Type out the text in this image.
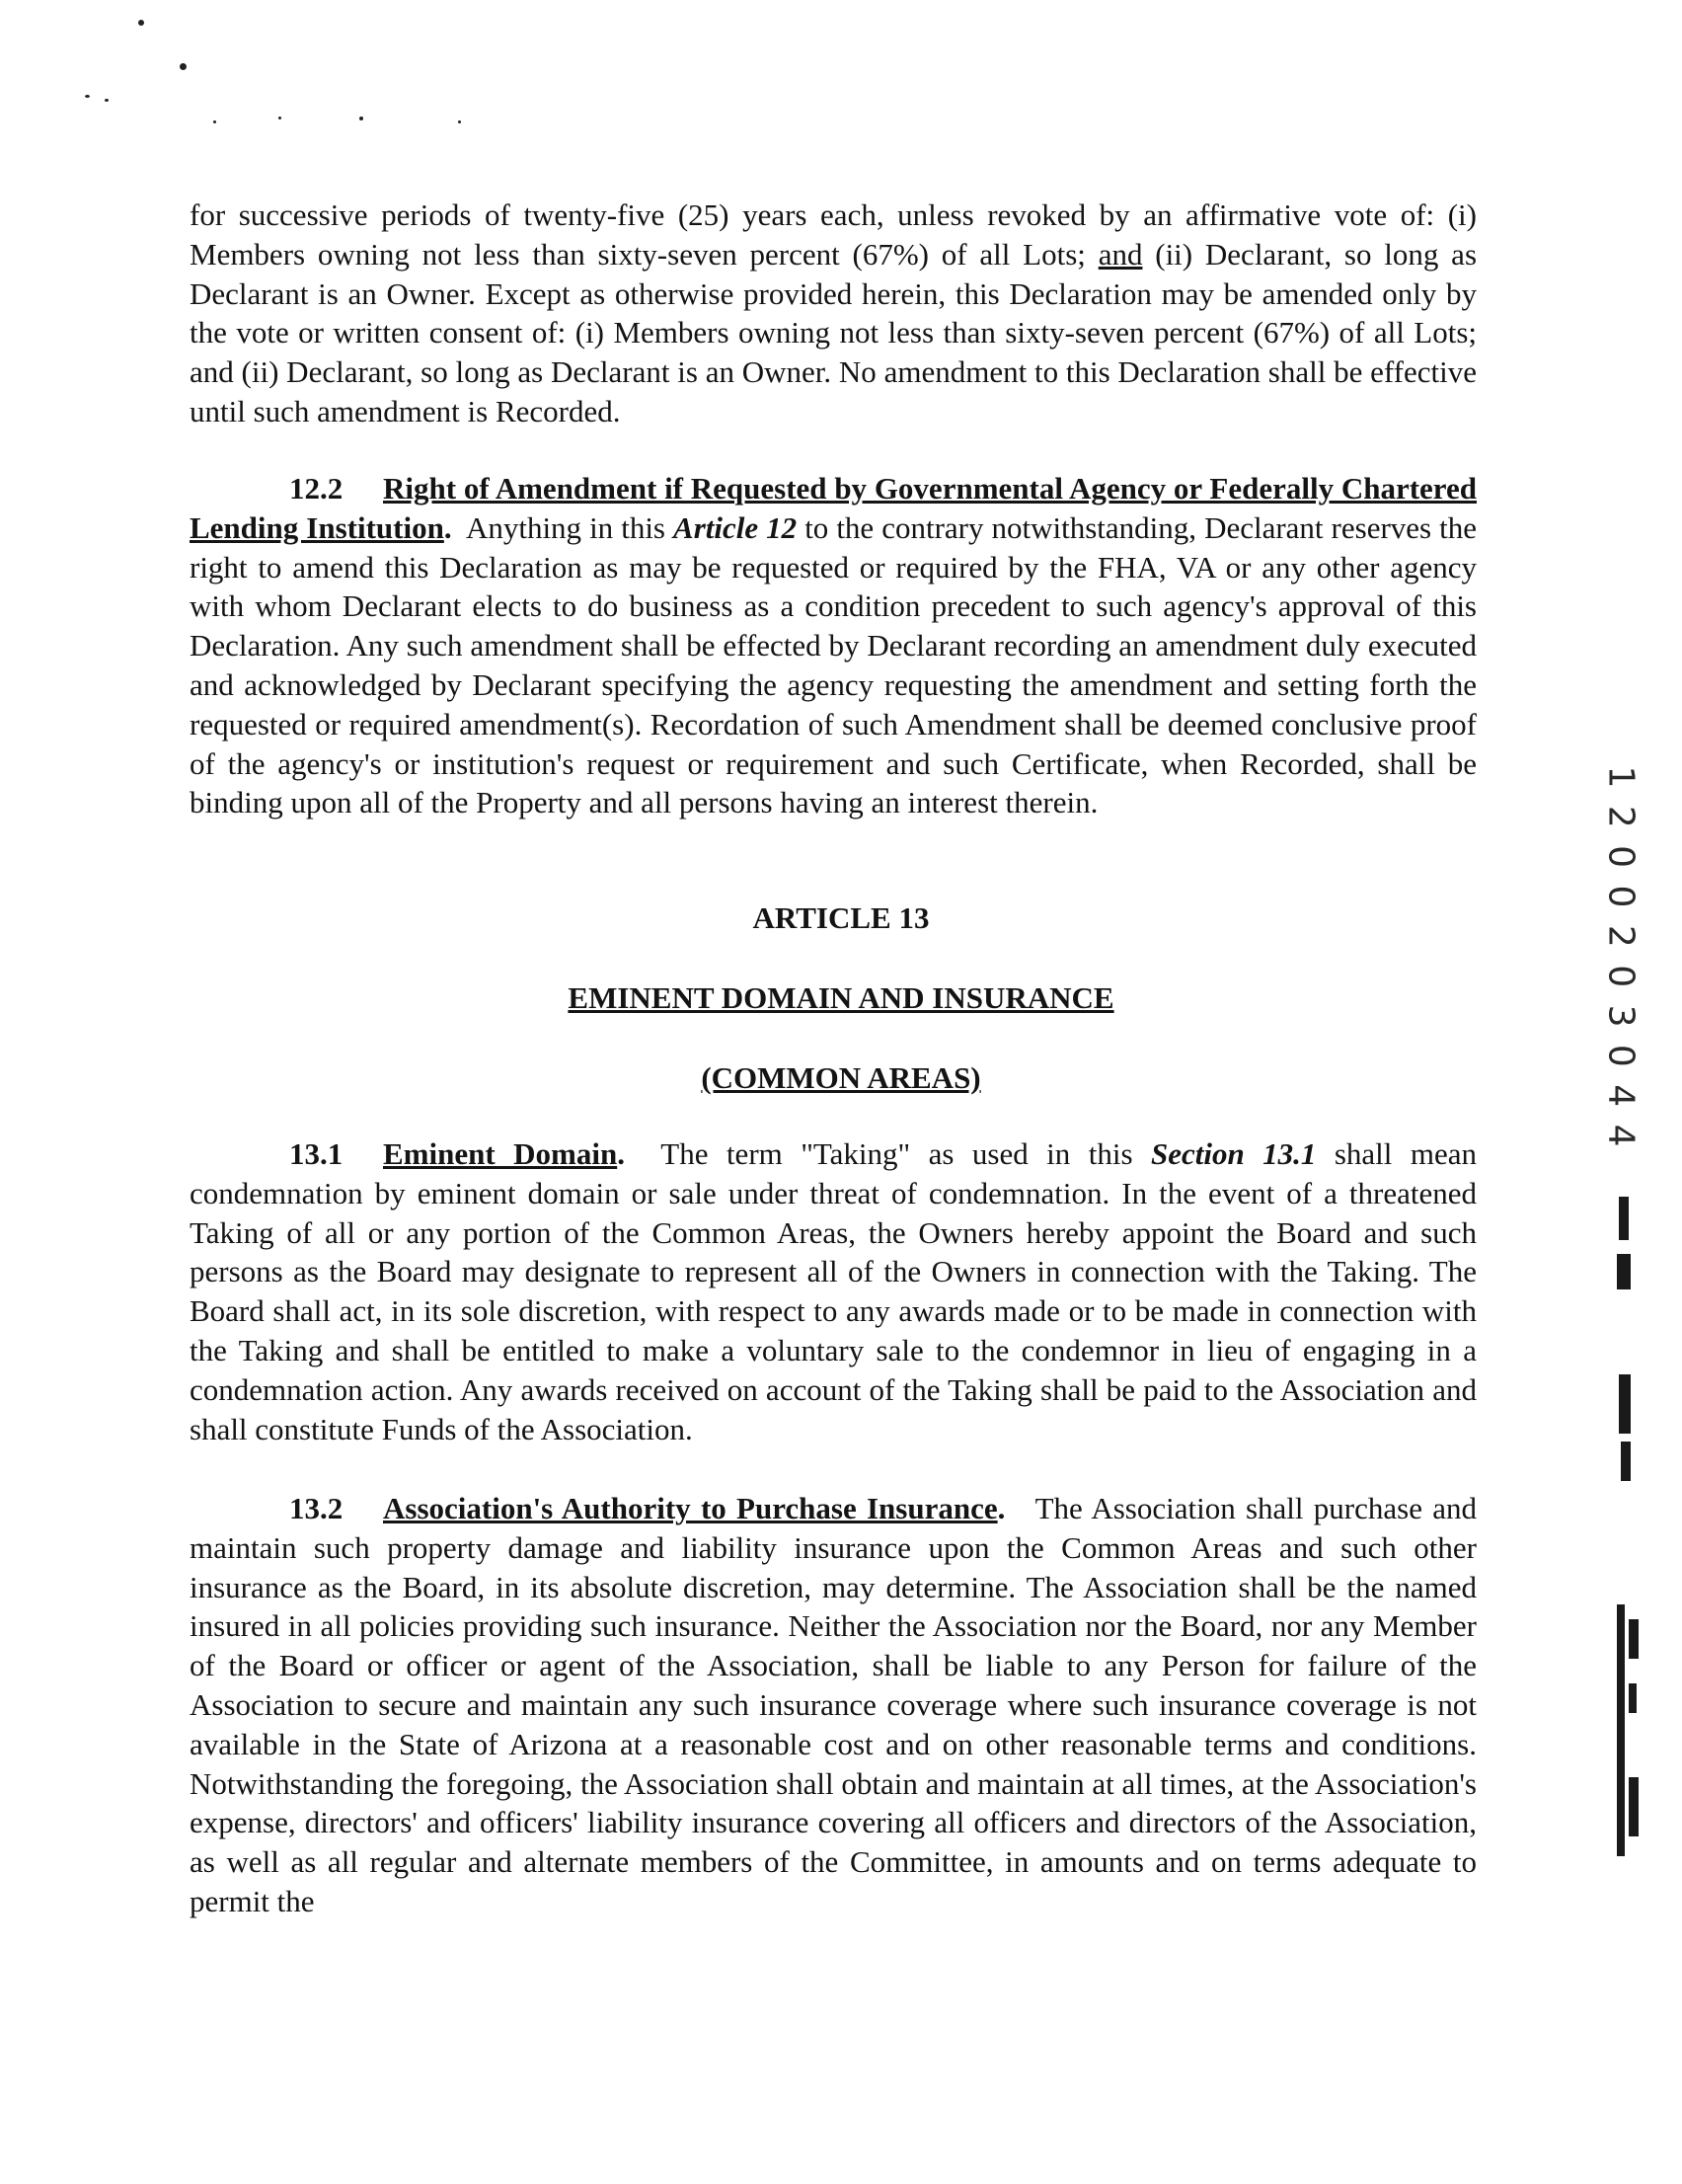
for successive periods of twenty-five (25) years each, unless revoked by an affirmative vote of: (i) Members owning not less than sixty-seven percent (67%) of all Lots; and (ii) Declarant, so long as Declarant is an Owner. Except as otherwise provided herein, this Declaration may be amended only by the vote or written consent of: (i) Members owning not less than sixty-seven percent (67%) of all Lots; and (ii) Declarant, so long as Declarant is an Owner. No amendment to this Declaration shall be effective until such amendment is Recorded.

12.2 Right of Amendment if Requested by Governmental Agency or Federally Chartered Lending Institution. Anything in this Article 12 to the contrary notwithstanding, Declarant reserves the right to amend this Declaration as may be requested or required by the FHA, VA or any other agency with whom Declarant elects to do business as a condition precedent to such agency's approval of this Declaration. Any such amendment shall be effected by Declarant recording an amendment duly executed and acknowledged by Declarant specifying the agency requesting the amendment and setting forth the requested or required amendment(s). Recordation of such Amendment shall be deemed conclusive proof of the agency's or institution's request or requirement and such Certificate, when Recorded, shall be binding upon all of the Property and all persons having an interest therein.

ARTICLE 13
EMINENT DOMAIN AND INSURANCE
(COMMON AREAS)

13.1 Eminent Domain. The term "Taking" as used in this Section 13.1 shall mean condemnation by eminent domain or sale under threat of condemnation. In the event of a threatened Taking of all or any portion of the Common Areas, the Owners hereby appoint the Board and such persons as the Board may designate to represent all of the Owners in connection with the Taking. The Board shall act, in its sole discretion, with respect to any awards made or to be made in connection with the Taking and shall be entitled to make a voluntary sale to the condemnor in lieu of engaging in a condemnation action. Any awards received on account of the Taking shall be paid to the Association and shall constitute Funds of the Association.

13.2 Association's Authority to Purchase Insurance. The Association shall purchase and maintain such property damage and liability insurance upon the Common Areas and such other insurance as the Board, in its absolute discretion, may determine. The Association shall be the named insured in all policies providing such insurance. Neither the Association nor the Board, nor any Member of the Board or officer or agent of the Association, shall be liable to any Person for failure of the Association to secure and maintain any such insurance coverage where such insurance coverage is not available in the State of Arizona at a reasonable cost and on other reasonable terms and conditions. Notwithstanding the foregoing, the Association shall obtain and maintain at all times, at the Association's expense, directors' and officers' liability insurance covering all officers and directors of the Association, as well as all regular and alternate members of the Committee, in amounts and on terms adequate to permit the

1 2 0 0 2 0 3 0 4 4
